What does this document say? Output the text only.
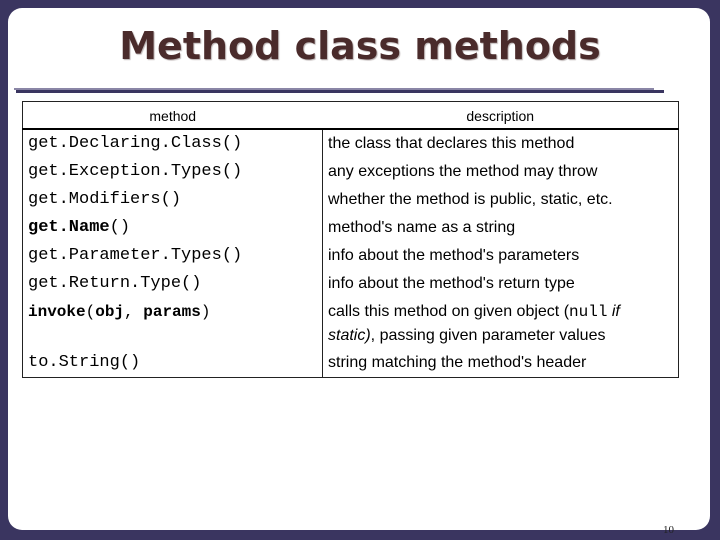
Method class methods
method	description
get.Declaring.Class()	the class that declares this method
get.Exception.Types()	any exceptions the method may throw
get.Modifiers()	whether the method is public, static, etc.
get.Name()	method's name as a string
get.Parameter.Types()	info about the method's parameters
get.Return.Type()	info about the method's return type
invoke(obj, params)	calls this method on given object (null if
static), passing given parameter values
to.String()	string matching the method's header
10
